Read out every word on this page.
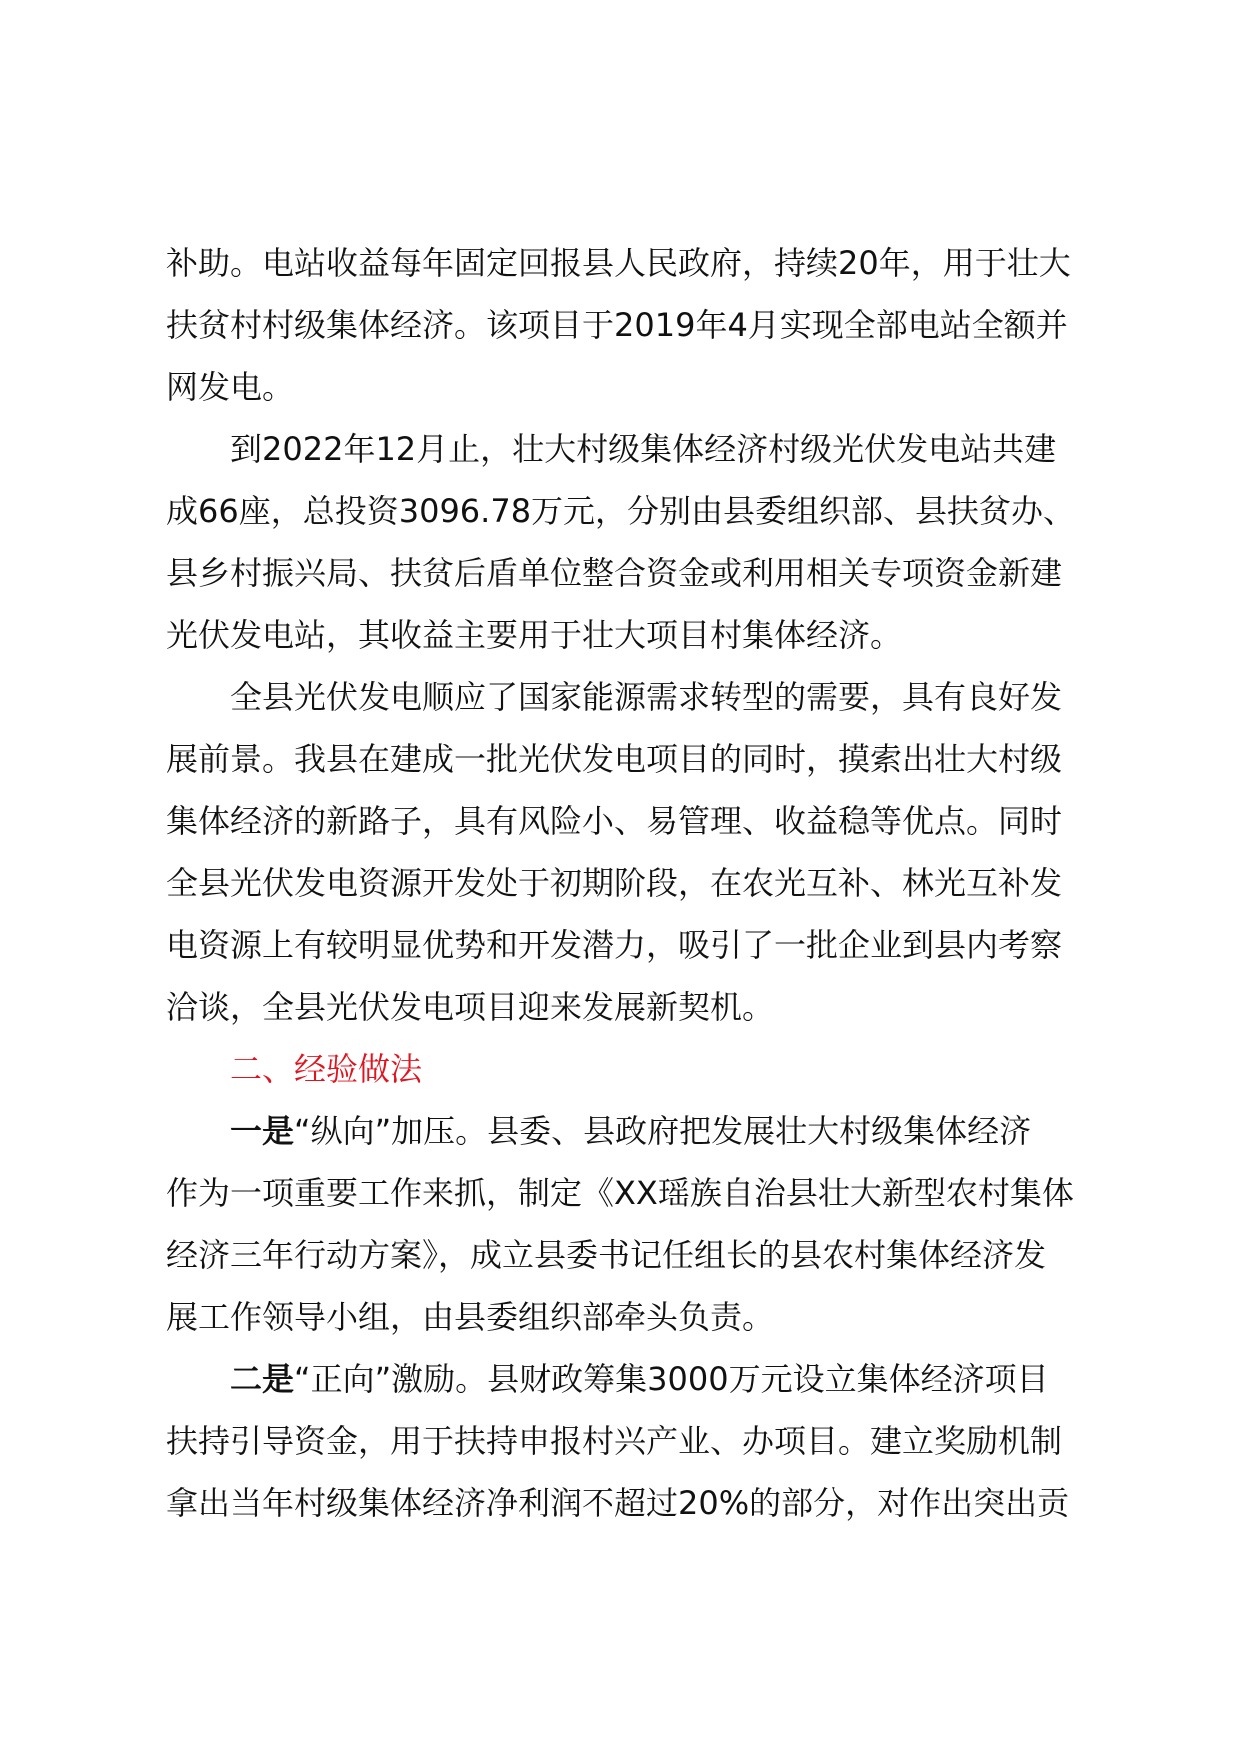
补助。电站收益每年固定回报县人民政府，持续20年，用于壮大
扶贫村村级集体经济。该项目于2019年4月实现全部电站全额并
网发电。
到2022年12月止，壮大村级集体经济村级光伏发电站共建
成66座，总投资3096.78万元，分别由县委组织部、县扶贫办、
县乡村振兴局、扶贫后盾单位整合资金或利用相关专项资金新建
光伏发电站，其收益主要用于壮大项目村集体经济。
全县光伏发电顺应了国家能源需求转型的需要，具有良好发
展前景。我县在建成一批光伏发电项目的同时，摸索出壮大村级
集体经济的新路子，具有风险小、易管理、收益稳等优点。同时
全县光伏发电资源开发处于初期阶段，在农光互补、林光互补发
电资源上有较明显优势和开发潜力，吸引了一批企业到县内考察
洽谈，全县光伏发电项目迎来发展新契机。
二、经验做法
一是“纵向”加压。县委、县政府把发展壮大村级集体经济
作为一项重要工作来抓，制定《XX瑶族自治县壮大新型农村集体
经济三年行动方案》，成立县委书记任组长的县农村集体经济发
展工作领导小组，由县委组织部牵头负责。
二是“正向”激励。县财政筹集3000万元设立集体经济项目
扶持引导资金，用于扶持申报村兴产业、办项目。建立奖励机制
拿出当年村级集体经济净利润不超过20%的部分，对作出突出贡
